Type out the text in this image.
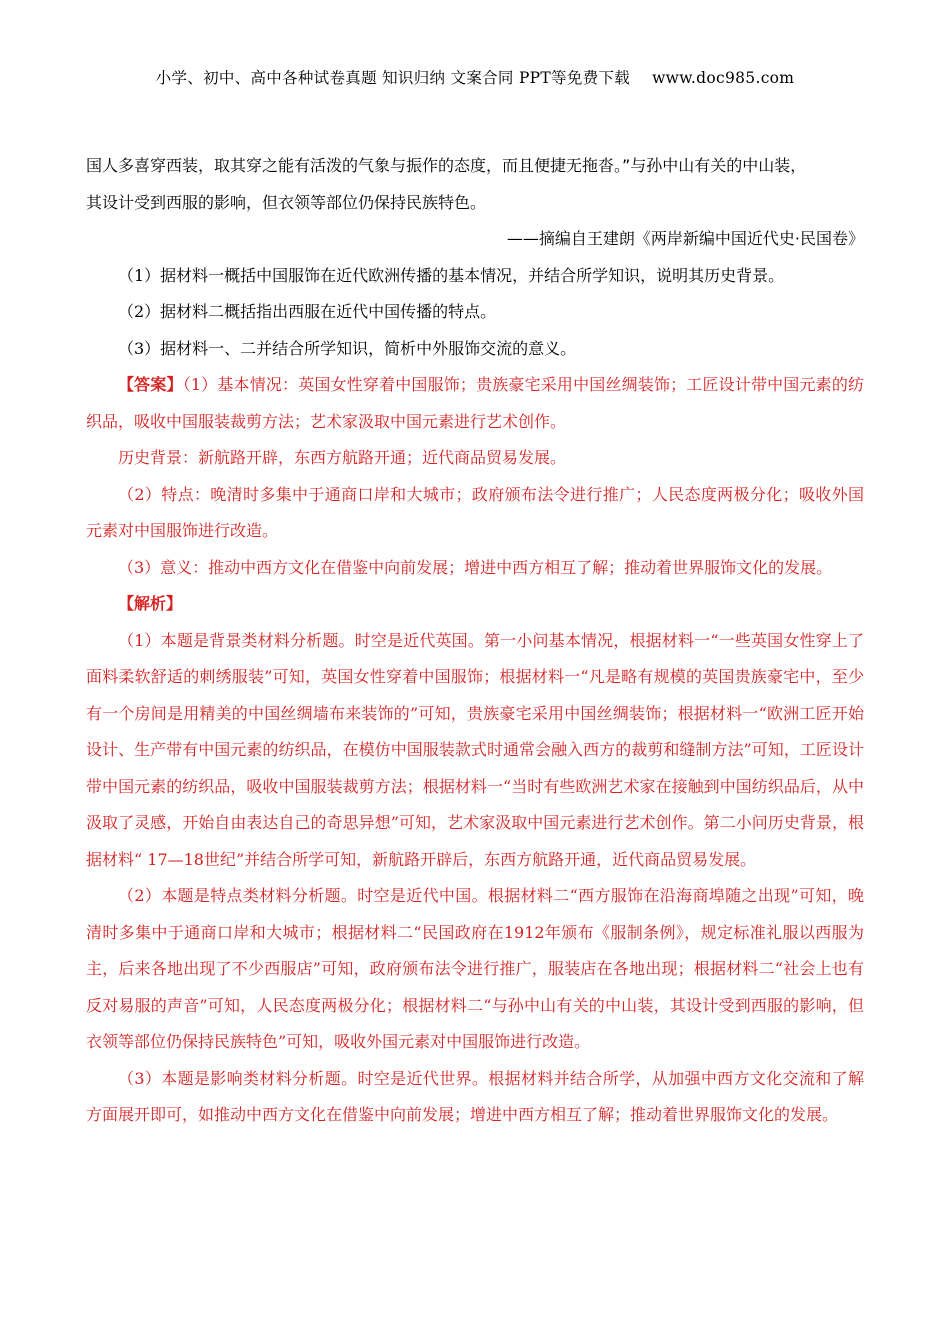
小学、初中、高中各种试卷真题 知识归纳 文案合同 PPT等免费下载 www.doc985.com

国人多喜穿西装，取其穿之能有活泼的气象与振作的态度，而且便捷无拖沓。”与孙中山有关的中山装，

其设计受到西服的影响，但衣领等部位仍保持民族特色。

——摘编自王建朗《两岸新编中国近代史·民国卷》

（1）据材料一概括中国服饰在近代欧洲传播的基本情况，并结合所学知识，说明其历史背景。

（2）据材料二概括指出西服在近代中国传播的特点。

（3）据材料一、二并结合所学知识，简析中外服饰交流的意义。

【答案】（1）基本情况：英国女性穿着中国服饰；贵族豪宅采用中国丝绸装饰；工匠设计带中国元素的纺织品，吸收中国服装裁剪方法；艺术家汲取中国元素进行艺术创作。

历史背景：新航路开辟，东西方航路开通；近代商品贸易发展。

（2）特点：晚清时多集中于通商口岸和大城市；政府颁布法令进行推广；人民态度两极分化；吸收外国元素对中国服饰进行改造。

（3）意义：推动中西方文化在借鉴中向前发展；增进中西方相互了解；推动着世界服饰文化的发展。

【解析】

（1）本题是背景类材料分析题。时空是近代英国。第一小问基本情况，根据材料一“一些英国女性穿上了面料柔软舒适的刺绣服装”可知，英国女性穿着中国服饰；根据材料一“凡是略有规模的英国贵族豪宅中，至少有一个房间是用精美的中国丝绸墙布来装饰的”可知，贵族豪宅采用中国丝绸装饰；根据材料一“欧洲工匠开始设计、生产带有中国元素的纺织品，在模仿中国服装款式时通常会融入西方的裁剪和缝制方法”可知，工匠设计带中国元素的纺织品，吸收中国服装裁剪方法；根据材料一“当时有些欧洲艺术家在接触到中国纺织品后，从中汲取了灵感，开始自由表达自己的奇思异想”可知，艺术家汲取中国元素进行艺术创作。第二小问历史背景，根据材料“ 17—18世纪”并结合所学可知，新航路开辟后，东西方航路开通，近代商品贸易发展。

（2）本题是特点类材料分析题。时空是近代中国。根据材料二“西方服饰在沿海商埠随之出现”可知，晚清时多集中于通商口岸和大城市；根据材料二“民国政府在1912年颁布《服制条例》，规定标准礼服以西服为主，后来各地出现了不少西服店”可知，政府颁布法令进行推广，服装店在各地出现；根据材料二“社会上也有反对易服的声音”可知，人民态度两极分化；根据材料二“与孙中山有关的中山装，其设计受到西服的影响，但衣领等部位仍保持民族特色”可知，吸收外国元素对中国服饰进行改造。

（3）本题是影响类材料分析题。时空是近代世界。根据材料并结合所学，从加强中西方文化交流和了解方面展开即可，如推动中西方文化在借鉴中向前发展；增进中西方相互了解；推动着世界服饰文化的发展。
